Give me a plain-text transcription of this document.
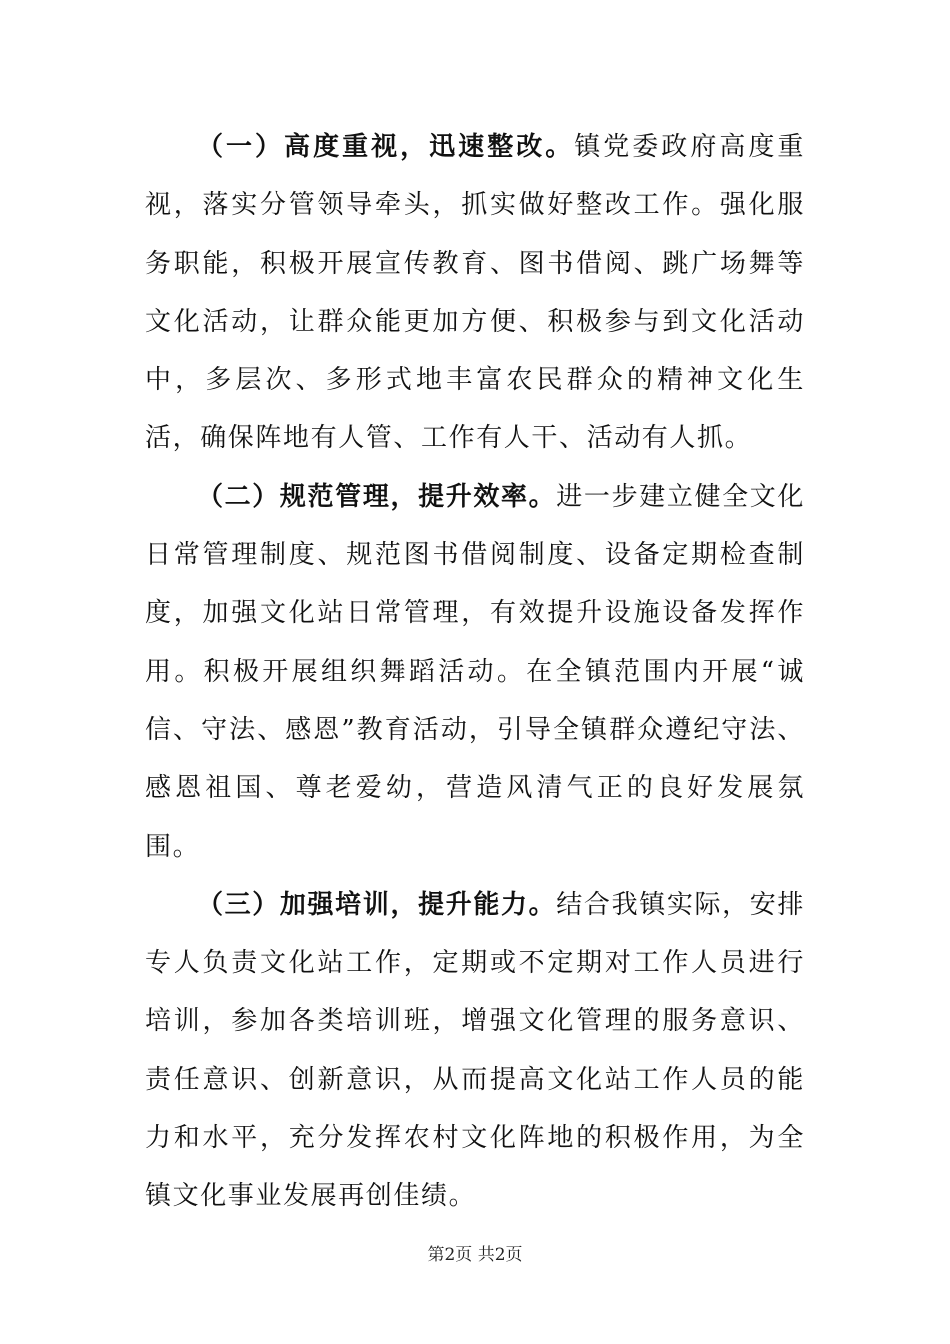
（一）高度重视，迅速整改。镇党委政府高度重视，落实分管领导牵头，抓实做好整改工作。强化服务职能，积极开展宣传教育、图书借阅、跳广场舞等文化活动，让群众能更加方便、积极参与到文化活动中，多层次、多形式地丰富农民群众的精神文化生活，确保阵地有人管、工作有人干、活动有人抓。

（二）规范管理，提升效率。进一步建立健全文化日常管理制度、规范图书借阅制度、设备定期检查制度，加强文化站日常管理，有效提升设施设备发挥作用。积极开展组织舞蹈活动。在全镇范围内开展“诚信、守法、感恩”教育活动，引导全镇群众遵纪守法、感恩祖国、尊老爱幼，营造风清气正的良好发展氛围。

（三）加强培训，提升能力。结合我镇实际，安排专人负责文化站工作，定期或不定期对工作人员进行培训，参加各类培训班，增强文化管理的服务意识、责任意识、创新意识，从而提高文化站工作人员的能力和水平，充分发挥农村文化阵地的积极作用，为全镇文化事业发展再创佳绩。

第2页 共2页
